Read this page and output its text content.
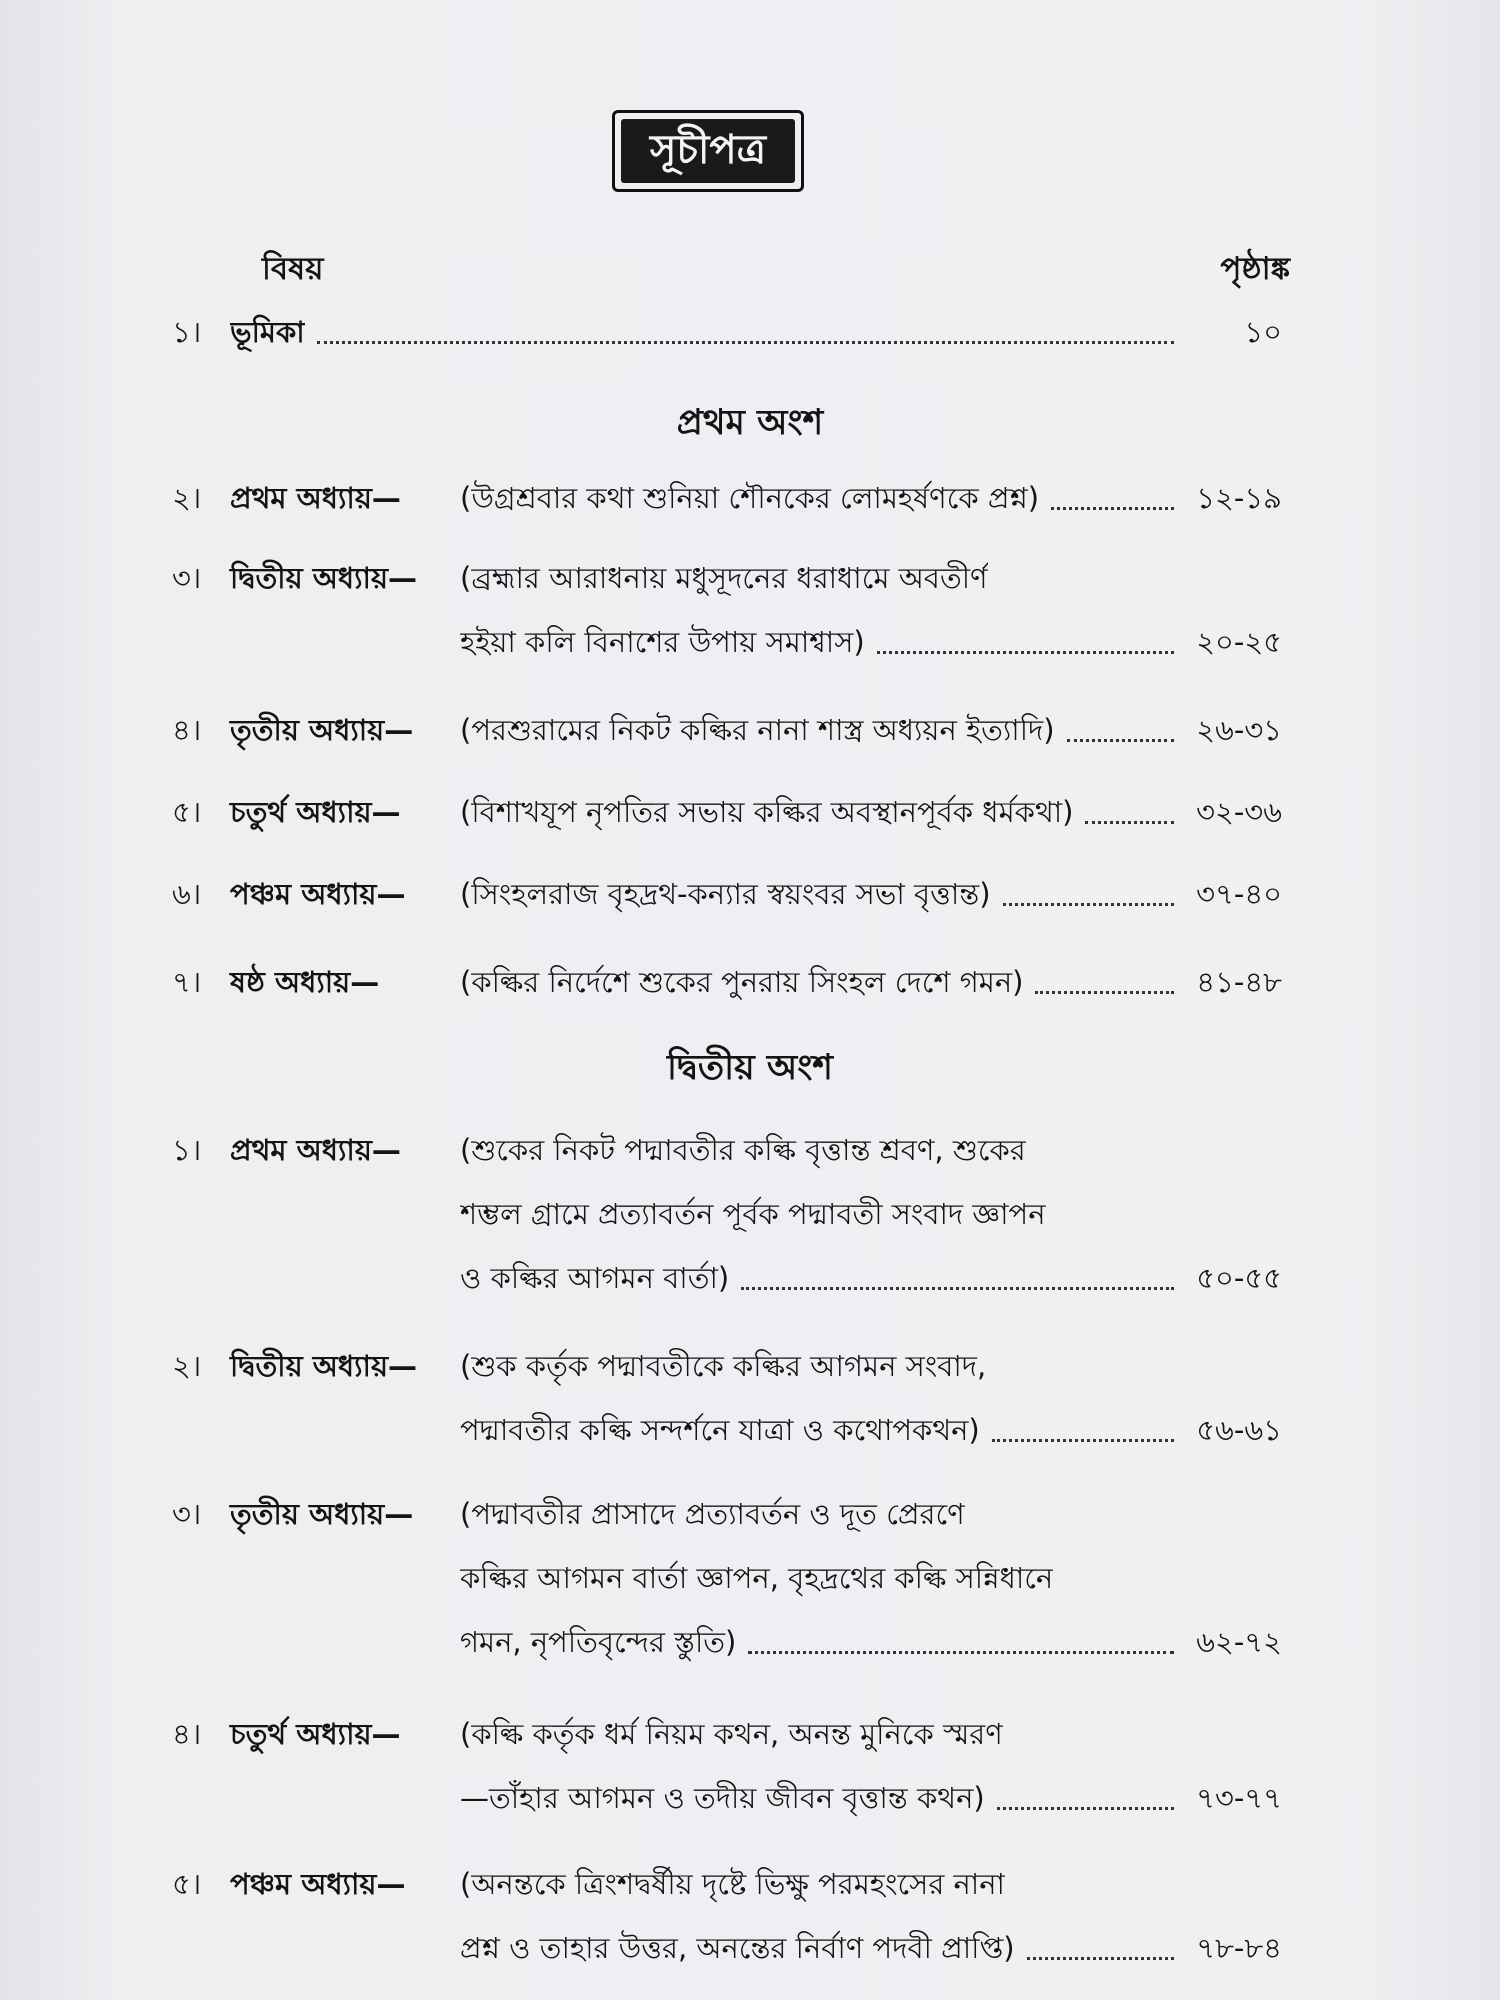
সূচীপত্র
বিষয়	পৃষ্ঠাঙ্ক
১। ভূমিকা	১০
প্রথম অংশ
২। প্রথম অধ্যায়—	(উগ্রশ্রবার কথা শুনিয়া শৌনকের লোমহর্ষণকে প্রশ্ন)	১২-১৯
৩। দ্বিতীয় অধ্যায়—	(ব্রহ্মার আরাধনায় মধুসূদনের ধরাধামে অবতীর্ণ
হইয়া কলি বিনাশের উপায় সমাশ্বাস)	২০-২৫
৪। তৃতীয় অধ্যায়—	(পরশুরামের নিকট কল্কির নানা শাস্ত্র অধ্যয়ন ইত্যাদি)	২৬-৩১
৫। চতুর্থ অধ্যায়—	(বিশাখযূপ নৃপতির সভায় কল্কির অবস্থানপূর্বক ধর্মকথা)	৩২-৩৬
৬। পঞ্চম অধ্যায়—	(সিংহলরাজ বৃহদ্রথ-কন্যার স্বয়ংবর সভা বৃত্তান্ত)	৩৭-৪০
৭। ষষ্ঠ অধ্যায়—	(কল্কির নির্দেশে শুকের পুনরায় সিংহল দেশে গমন)	৪১-৪৮
দ্বিতীয় অংশ
১। প্রথম অধ্যায়—	(শুকের নিকট পদ্মাবতীর কল্কি বৃত্তান্ত শ্রবণ, শুকের
শম্ভল গ্রামে প্রত্যাবর্তন পূর্বক পদ্মাবতী সংবাদ জ্ঞাপন
ও কল্কির আগমন বার্তা)	৫০-৫৫
২। দ্বিতীয় অধ্যায়—	(শুক কর্তৃক পদ্মাবতীকে কল্কির আগমন সংবাদ,
পদ্মাবতীর কল্কি সন্দর্শনে যাত্রা ও কথোপকথন)	৫৬-৬১
৩। তৃতীয় অধ্যায়—	(পদ্মাবতীর প্রাসাদে প্রত্যাবর্তন ও দূত প্রেরণে
কল্কির আগমন বার্তা জ্ঞাপন, বৃহদ্রথের কল্কি সন্নিধানে
গমন, নৃপতিবৃন্দের স্তুতি)	৬২-৭২
৪। চতুর্থ অধ্যায়—	(কল্কি কর্তৃক ধর্ম নিয়ম কথন, অনন্ত মুনিকে স্মরণ
—তাঁহার আগমন ও তদীয় জীবন বৃত্তান্ত কথন)	৭৩-৭৭
৫। পঞ্চম অধ্যায়—	(অনন্তকে ত্রিংশদ্বর্ষীয় দৃষ্টে ভিক্ষু পরমহংসের নানা
প্রশ্ন ও তাহার উত্তর, অনন্তের নির্বাণ পদবী প্রাপ্তি)	৭৮-৮৪
